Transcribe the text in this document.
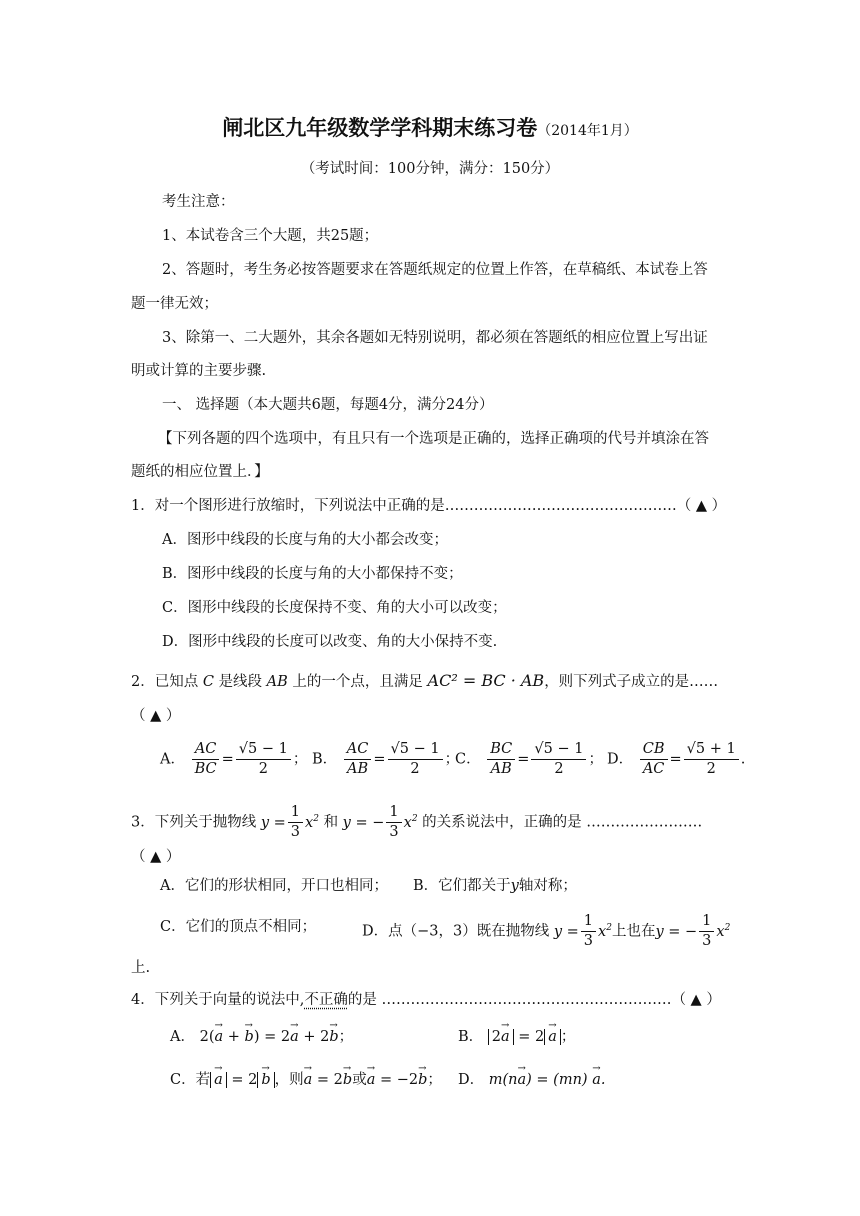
闸北区九年级数学学科期末练习卷（2014年1月）
（考试时间：100分钟，满分：150分）
考生注意：
1、本试卷含三个大题，共25题；
2、答题时，考生务必按答题要求在答题纸规定的位置上作答，在草稿纸、本试卷上答
题一律无效；
3、除第一、二大题外，其余各题如无特别说明，都必须在答题纸的相应位置上写出证
明或计算的主要步骤.
一、 选择题（本大题共6题，每题4分，满分24分）
【下列各题的四个选项中，有且只有一个选项是正确的，选择正确项的代号并填涂在答
题纸的相应位置上．】
1．对一个图形进行放缩时，下列说法中正确的是…………………………………………（ ▲ ）
A．图形中线段的长度与角的大小都会改变；
B．图形中线段的长度与角的大小都保持不变；
C．图形中线段的长度保持不变、角的大小可以改变；
D．图形中线段的长度可以改变、角的大小保持不变.
2．已知点 C 是线段 AB 上的一个点，且满足 AC² = BC · AB，则下列式子成立的是……
（ ▲ ）
A． $\frac{AC}{BC} = \frac{√5 - 1}{2}$ ； B． $\frac{AC}{AB} = \frac{√5 - 1}{2}$ ；
C． $\frac{BC}{AB} = \frac{√5 - 1}{2}$ ； D． $\frac{CB}{AC} = \frac{√5 + 1}{2}$ .
3．下列关于抛物线 $y = \frac{1}{3} x^2$ 和 y = − $\frac{1}{3} x^2$ 的关系说法中，正确的是 ……………………
（ ▲ ）
A．它们的形状相同，开口也相同； B．它们都关于y轴对称；
C．它们的顶点不相同；	D．点（−3，3）既在抛物线 $y = \frac{1}{3} x^2$上也在y = − $\frac{1}{3} x^2$
上.
4．下列关于向量的说法中,不正确的是 ……………………………………………………（ ▲ ）
A． 2(→ a + → b) = 2→ a + 2→ b；	B． 2→ a = 2 → a ；
C．若 → a = 2 → b ，则→ a = 2→ b或→ a = −2→ b； D． m(n→ a) = (mn) → a.
